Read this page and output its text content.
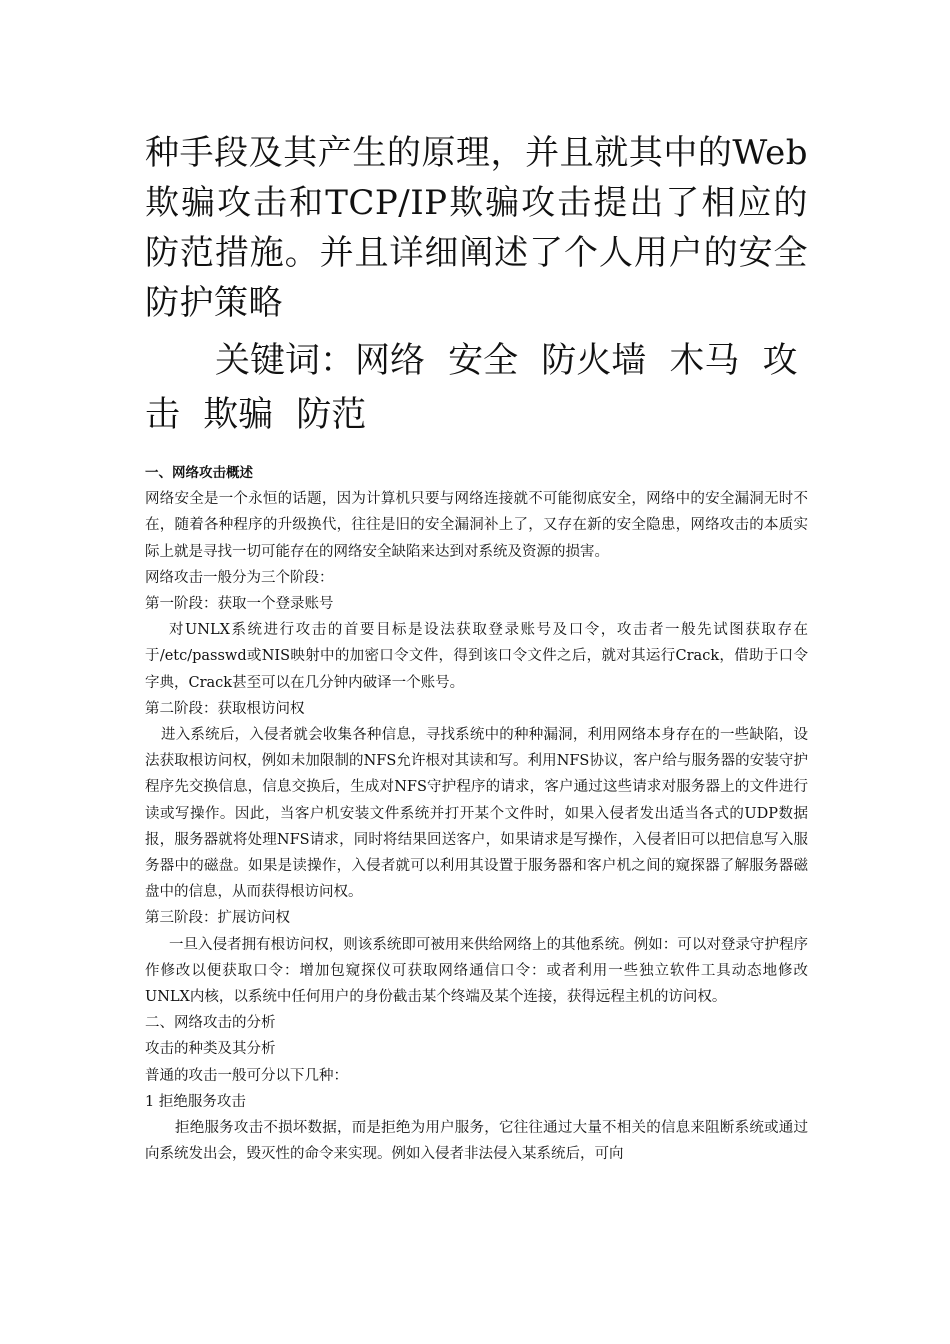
种手段及其产生的原理，并且就其中的Web欺骗攻击和TCP/IP欺骗攻击提出了相应的防范措施。并且详细阐述了个人用户的安全防护策略

关键词：网络 安全 防火墙 木马 攻击 欺骗 防范

一、网络攻击概述

网络安全是一个永恒的话题，因为计算机只要与网络连接就不可能彻底安全，网络中的安全漏洞无时不在，随着各种程序的升级换代，往往是旧的安全漏洞补上了，又存在新的安全隐患，网络攻击的本质实际上就是寻找一切可能存在的网络安全缺陷来达到对系统及资源的损害。

网络攻击一般分为三个阶段：

第一阶段：获取一个登录账号

对UNLX系统进行攻击的首要目标是设法获取登录账号及口令，攻击者一般先试图获取存在于/etc/passwd或NIS映射中的加密口令文件，得到该口令文件之后，就对其运行Crack，借助于口令字典，Crack甚至可以在几分钟内破译一个账号。

第二阶段：获取根访问权

进入系统后，入侵者就会收集各种信息，寻找系统中的种种漏洞，利用网络本身存在的一些缺陷，设法获取根访问权，例如未加限制的NFS允许根对其读和写。利用NFS协议，客户给与服务器的安装守护程序先交换信息，信息交换后，生成对NFS守护程序的请求，客户通过这些请求对服务器上的文件进行读或写操作。因此，当客户机安装文件系统并打开某个文件时，如果入侵者发出适当各式的UDP数据报，服务器就将处理NFS请求，同时将结果回送客户，如果请求是写操作，入侵者旧可以把信息写入服务器中的磁盘。如果是读操作，入侵者就可以利用其设置于服务器和客户机之间的窥探器了解服务器磁盘中的信息，从而获得根访问权。

第三阶段：扩展访问权

一旦入侵者拥有根访问权，则该系统即可被用来供给网络上的其他系统。例如：可以对登录守护程序作修改以便获取口令：增加包窥探仪可获取网络通信口令：或者利用一些独立软件工具动态地修改UNLX内核，以系统中任何用户的身份截击某个终端及某个连接，获得远程主机的访问权。

二、网络攻击的分析

攻击的种类及其分析

普通的攻击一般可分以下几种：

1 拒绝服务攻击

拒绝服务攻击不损坏数据，而是拒绝为用户服务，它往往通过大量不相关的信息来阻断系统或通过向系统发出会，毁灭性的命令来实现。例如入侵者非法侵入某系统后，可向
